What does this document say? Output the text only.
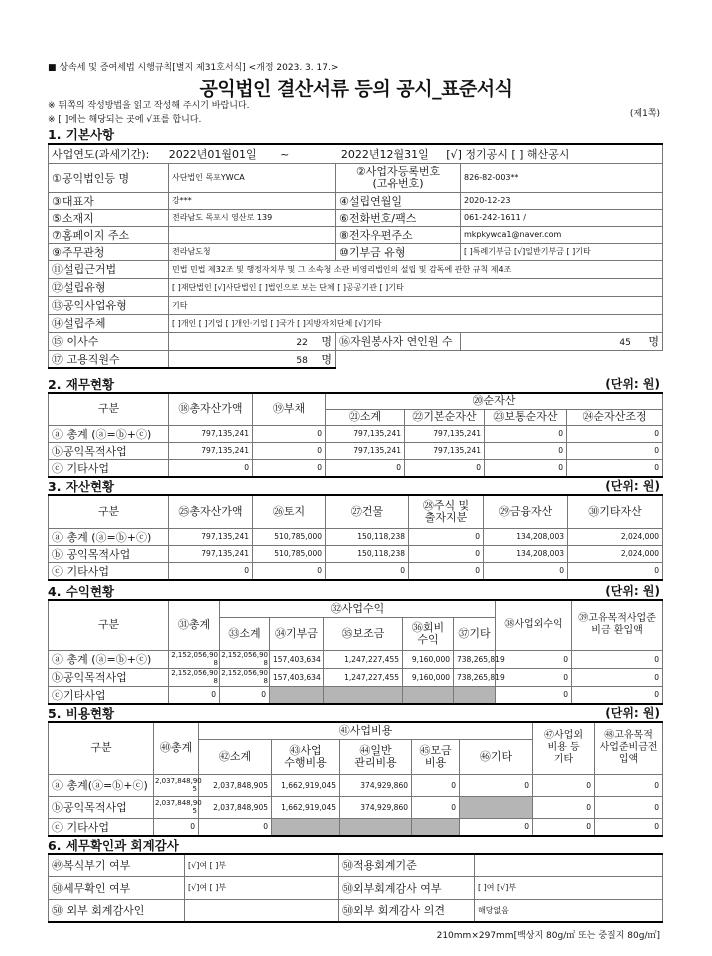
■ 상속세 및 증여세법 시행규칙[별지 제31호서식] <개정 2023. 3. 17.>
공익법인 결산서류 등의 공시_표준서식
※ 뒤쪽의 작성방법을 읽고 작성해 주시기 바랍니다.
※ [ ]에는 해당되는 곳에 √표를 합니다.
(제1쪽)
1. 기본사항
사업연도(과세기간): 2022년01월01일 ~ 2022년12월31일 [√] 정기공시 [ ] 해산공시			
①공익법인등 명	사단법인 목포YWCA	②사업자등록번호
(고유번호)	826-82-003**
③대표자	강***	④설립연월일	2020-12-23
⑤소재지	전라남도 목포시 영산로 139	⑥전화번호/팩스	061-242-1611 /
⑦홈페이지 주소		⑧전자우편주소	mkpkywca1@naver.com
⑨주무관청	전라남도청	⑩기부금 유형	[ ]특례기부금 [√]일반기부금 [ ]기타
⑪설립근거법	민법 민법 제32조 및 행정자치부 및 그 소속청 소관 비영리법인의 설립 및 감독에 관한 규칙 제4조		
⑫설립유형	[ ]재단법인 [√]사단법인 [ ]법인으로 보는 단체 [ ]공공기관 [ ]기타		
⑬공익사업유형	기타		
⑭설립주체	[ ]개인 [ ]기업 [ ]개인·기업 [ ]국가 [ ]지방자치단체 [√]기타		
⑮ 이사수	22 명	⑯자원봉사자 연인원 수	45 명
⑰ 고용직원수	58 명		
2. 재무현황	(단위: 원)
구분	⑱총자산가액	⑲부채	⑳순자산			
			㉑소계	㉒기본순자산	㉓보통순자산	㉔순자산조정
ⓐ 총계 (ⓐ=ⓑ+ⓒ)	797,135,241	0	797,135,241	797,135,241	0	0
ⓑ공익목적사업	797,135,241	0	797,135,241	797,135,241	0	0
ⓒ 기타사업	0	0	0	0	0	0
3. 자산현황	(단위: 원)
구분	㉕총자산가액	㉖토지	㉗건물	㉘주식 및
출자지분	㉙금융자산	㉚기타자산
ⓐ 총계 (ⓐ=ⓑ+ⓒ)	797,135,241	510,785,000	150,118,238	0	134,208,003	2,024,000
ⓑ 공익목적사업	797,135,241	510,785,000	150,118,238	0	134,208,003	2,024,000
ⓒ 기타사업	0	0	0	0	0	0
4. 수익현황	(단위: 원)
구분	㉛총계	㉜사업수익					㊳사업외수익	㊴고유목적사업준
비금 환입액
		㉝소계	㉞기부금	㉟보조금	㊱회비
수익	㊲기타		
ⓐ 총계 (ⓐ=ⓑ+ⓒ)	2,152,056,90
8	2,152,056,90
8	157,403,634	1,247,227,455	9,160,000	738,265,819	0	0
ⓑ공익목적사업	2,152,056,90
8	2,152,056,90
8	157,403,634	1,247,227,455	9,160,000	738,265,819	0	0
ⓒ기타사업	0	0					0	0
5. 비용현황	(단위: 원)
구분	㊵총계	㊶사업비용					㊼사업외
비용 등
기타	㊽고유목적
사업준비금전
입액
		㊷소계	㊸사업
수행비용	㊹일반
관리비용	㊺모금
비용	㊻기타		
ⓐ 총계(ⓐ=ⓑ+ⓒ)	2,037,848,90
5	2,037,848,905	1,662,919,045	374,929,860	0	0	0	0
ⓑ공익목적사업	2,037,848,90
5	2,037,848,905	1,662,919,045	374,929,860	0		0	0
ⓒ 기타사업	0	0				0	0	0
6. 세무확인과 회계감사
㊾복식부기 여부	[√]여 [ ]부	㊿적용회계기준	
㊿세무확인 여부	[√]여 [ ]부	㊿외부회계감사 여부	[ ]여 [√]부
㊿ 외부 회계감사인		㊿외부 회계감사 의견	해당없음
210mm×297mm[백상지 80g/㎡ 또는 중질지 80g/㎡]
